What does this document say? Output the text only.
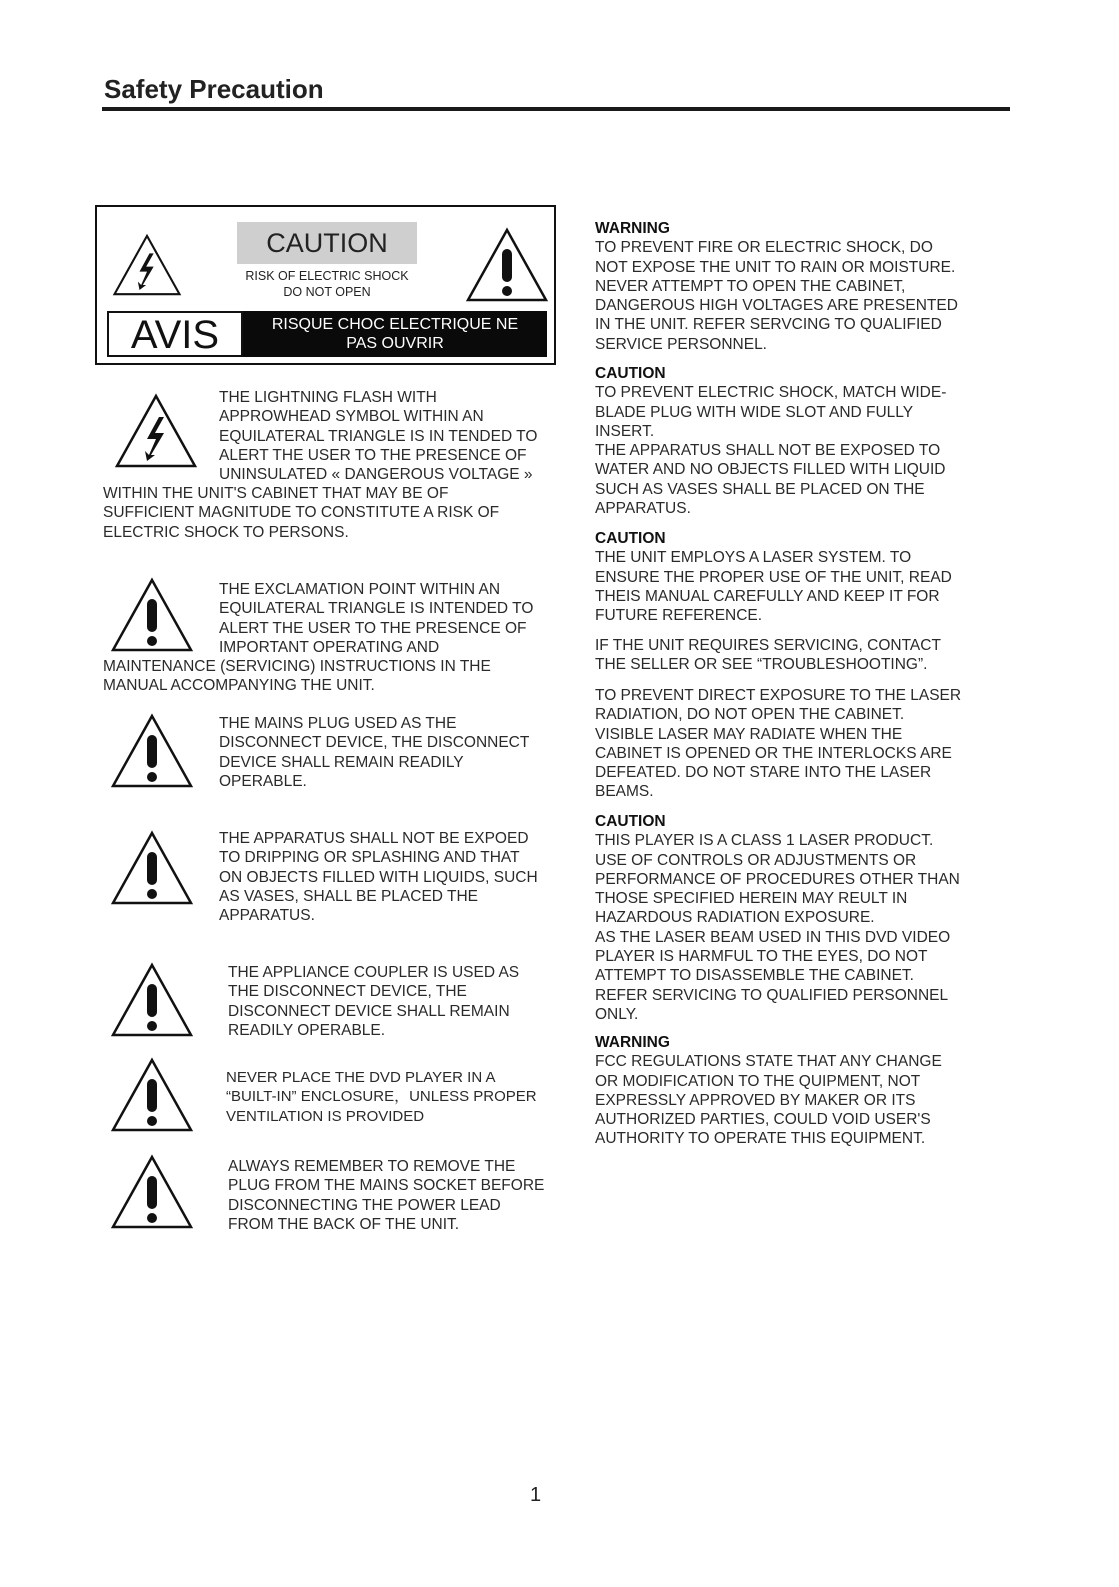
Safety Precaution
CAUTION
RISK OF ELECTRIC SHOCK
DO NOT OPEN
AVIS	RISQUE CHOC ELECTRIQUE NE
PAS OUVRIR
THE LIGHTNING FLASH WITH
APPROWHEAD SYMBOL WITHIN AN
EQUILATERAL TRIANGLE IS IN TENDED TO
ALERT THE USER TO THE PRESENCE OF
UNINSULATED « DANGEROUS VOLTAGE »
WITHIN THE UNIT'S CABINET THAT MAY BE OF
SUFFICIENT MAGNITUDE TO CONSTITUTE A RISK OF
ELECTRIC SHOCK TO PERSONS.
THE EXCLAMATION POINT WITHIN AN
EQUILATERAL TRIANGLE IS INTENDED TO
ALERT THE USER TO THE PRESENCE OF
IMPORTANT OPERATING AND
MAINTENANCE (SERVICING) INSTRUCTIONS IN THE
MANUAL ACCOMPANYING THE UNIT.
THE MAINS PLUG USED AS THE
DISCONNECT DEVICE, THE DISCONNECT
DEVICE SHALL REMAIN READILY
OPERABLE.
THE APPARATUS SHALL NOT BE EXPOED
TO DRIPPING OR SPLASHING AND THAT
ON OBJECTS FILLED WITH LIQUIDS, SUCH
AS VASES, SHALL BE PLACED THE
APPARATUS.
THE APPLIANCE COUPLER IS USED AS
THE DISCONNECT DEVICE, THE
DISCONNECT DEVICE SHALL REMAIN
READILY OPERABLE.
NEVER PLACE THE DVD PLAYER IN A
“BUILT-IN” ENCLOSURE，UNLESS PROPER
VENTILATION IS PROVIDED
ALWAYS REMEMBER TO REMOVE THE
PLUG FROM THE MAINS SOCKET BEFORE
DISCONNECTING THE POWER LEAD
FROM THE BACK OF THE UNIT.
WARNING
TO PREVENT FIRE OR ELECTRIC SHOCK, DO
NOT EXPOSE THE UNIT TO RAIN OR MOISTURE.
NEVER ATTEMPT TO OPEN THE CABINET,
DANGEROUS HIGH VOLTAGES ARE PRESENTED
IN THE UNIT. REFER SERVCING TO QUALIFIED
SERVICE PERSONNEL.
CAUTION
TO PREVENT ELECTRIC SHOCK, MATCH WIDE-
BLADE PLUG WITH WIDE SLOT AND FULLY
INSERT.
THE APPARATUS SHALL NOT BE EXPOSED TO
WATER AND NO OBJECTS FILLED WITH LIQUID
SUCH AS VASES SHALL BE PLACED ON THE
APPARATUS.
CAUTION
THE UNIT EMPLOYS A LASER SYSTEM. TO
ENSURE THE PROPER USE OF THE UNIT, READ
THEIS MANUAL CAREFULLY AND KEEP IT FOR
FUTURE REFERENCE.
IF THE UNIT REQUIRES SERVICING, CONTACT
THE SELLER OR SEE “TROUBLESHOOTING”.
TO PREVENT DIRECT EXPOSURE TO THE LASER
RADIATION, DO NOT OPEN THE CABINET.
VISIBLE LASER MAY RADIATE WHEN THE
CABINET IS OPENED OR THE INTERLOCKS ARE
DEFEATED. DO NOT STARE INTO THE LASER
BEAMS.
CAUTION
THIS PLAYER IS A CLASS 1 LASER PRODUCT.
USE OF CONTROLS OR ADJUSTMENTS OR
PERFORMANCE OF PROCEDURES OTHER THAN
THOSE SPECIFIED HEREIN MAY REULT IN
HAZARDOUS RADIATION EXPOSURE.
AS THE LASER BEAM USED IN THIS DVD VIDEO
PLAYER IS HARMFUL TO THE EYES, DO NOT
ATTEMPT TO DISASSEMBLE THE CABINET.
REFER SERVICING TO QUALIFIED PERSONNEL
ONLY.
WARNING
FCC REGULATIONS STATE THAT ANY CHANGE
OR MODIFICATION TO THE QUIPMENT, NOT
EXPRESSLY APPROVED BY MAKER OR ITS
AUTHORIZED PARTIES, COULD VOID USER'S
AUTHORITY TO OPERATE THIS EQUIPMENT.
1
